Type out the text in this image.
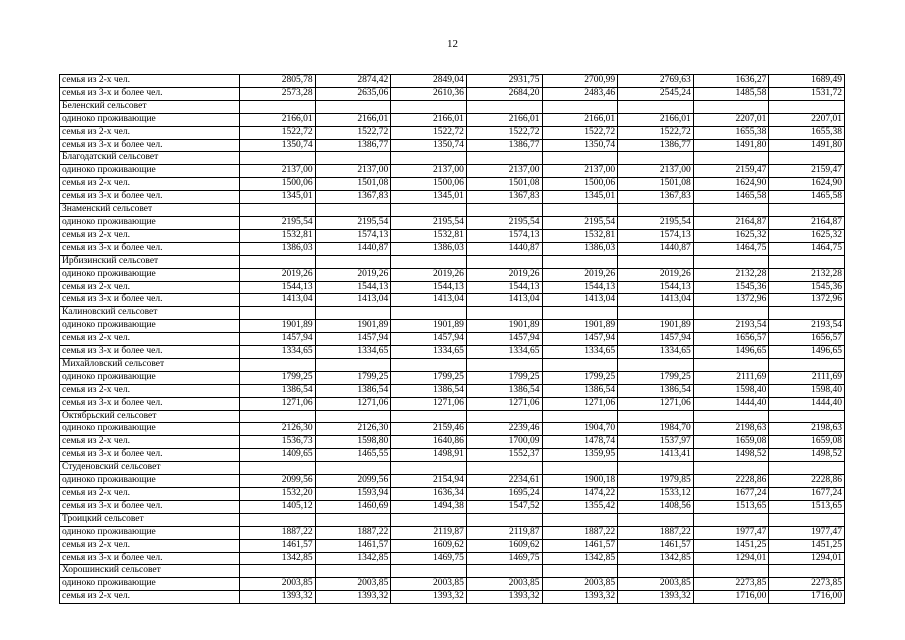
12
семья из 2-х чел.	2805,78	2874,42	2849,04	2931,75	2700,99	2769,63	1636,27	1689,49
семья из 3-х и более чел.	2573,28	2635,06	2610,36	2684,20	2483,46	2545,24	1485,58	1531,72
Беленский сельсовет								
одиноко проживающие	2166,01	2166,01	2166,01	2166,01	2166,01	2166,01	2207,01	2207,01
семья из 2-х чел.	1522,72	1522,72	1522,72	1522,72	1522,72	1522,72	1655,38	1655,38
семья из 3-х и более чел.	1350,74	1386,77	1350,74	1386,77	1350,74	1386,77	1491,80	1491,80
Благодатский сельсовет								
одиноко проживающие	2137,00	2137,00	2137,00	2137,00	2137,00	2137,00	2159,47	2159,47
семья из 2-х чел.	1500,06	1501,08	1500,06	1501,08	1500,06	1501,08	1624,90	1624,90
семья из 3-х и более чел.	1345,01	1367,83	1345,01	1367,83	1345,01	1367,83	1465,58	1465,58
Знаменский сельсовет								
одиноко проживающие	2195,54	2195,54	2195,54	2195,54	2195,54	2195,54	2164,87	2164,87
семья из 2-х чел.	1532,81	1574,13	1532,81	1574,13	1532,81	1574,13	1625,32	1625,32
семья из 3-х и более чел.	1386,03	1440,87	1386,03	1440,87	1386,03	1440,87	1464,75	1464,75
Ирбизинский сельсовет								
одиноко проживающие	2019,26	2019,26	2019,26	2019,26	2019,26	2019,26	2132,28	2132,28
семья из 2-х чел.	1544,13	1544,13	1544,13	1544,13	1544,13	1544,13	1545,36	1545,36
семья из 3-х и более чел.	1413,04	1413,04	1413,04	1413,04	1413,04	1413,04	1372,96	1372,96
Калиновский сельсовет								
одиноко проживающие	1901,89	1901,89	1901,89	1901,89	1901,89	1901,89	2193,54	2193,54
семья из 2-х чел.	1457,94	1457,94	1457,94	1457,94	1457,94	1457,94	1656,57	1656,57
семья из 3-х и более чел.	1334,65	1334,65	1334,65	1334,65	1334,65	1334,65	1496,65	1496,65
Михайловский сельсовет								
одиноко проживающие	1799,25	1799,25	1799,25	1799,25	1799,25	1799,25	2111,69	2111,69
семья из 2-х чел.	1386,54	1386,54	1386,54	1386,54	1386,54	1386,54	1598,40	1598,40
семья из 3-х и более чел.	1271,06	1271,06	1271,06	1271,06	1271,06	1271,06	1444,40	1444,40
Октябрьский сельсовет								
одиноко проживающие	2126,30	2126,30	2159,46	2239,46	1904,70	1984,70	2198,63	2198,63
семья из 2-х чел.	1536,73	1598,80	1640,86	1700,09	1478,74	1537,97	1659,08	1659,08
семья из 3-х и более чел.	1409,65	1465,55	1498,91	1552,37	1359,95	1413,41	1498,52	1498,52
Студеновский сельсовет								
одиноко проживающие	2099,56	2099,56	2154,94	2234,61	1900,18	1979,85	2228,86	2228,86
семья из 2-х чел.	1532,20	1593,94	1636,34	1695,24	1474,22	1533,12	1677,24	1677,24
семья из 3-х и более чел.	1405,12	1460,69	1494,38	1547,52	1355,42	1408,56	1513,65	1513,65
Троицкий сельсовет								
одиноко проживающие	1887,22	1887,22	2119,87	2119,87	1887,22	1887,22	1977,47	1977,47
семья из 2-х чел.	1461,57	1461,57	1609,62	1609,62	1461,57	1461,57	1451,25	1451,25
семья из 3-х и более чел.	1342,85	1342,85	1469,75	1469,75	1342,85	1342,85	1294,01	1294,01
Хорошинский сельсовет								
одиноко проживающие	2003,85	2003,85	2003,85	2003,85	2003,85	2003,85	2273,85	2273,85
семья из 2-х чел.	1393,32	1393,32	1393,32	1393,32	1393,32	1393,32	1716,00	1716,00
